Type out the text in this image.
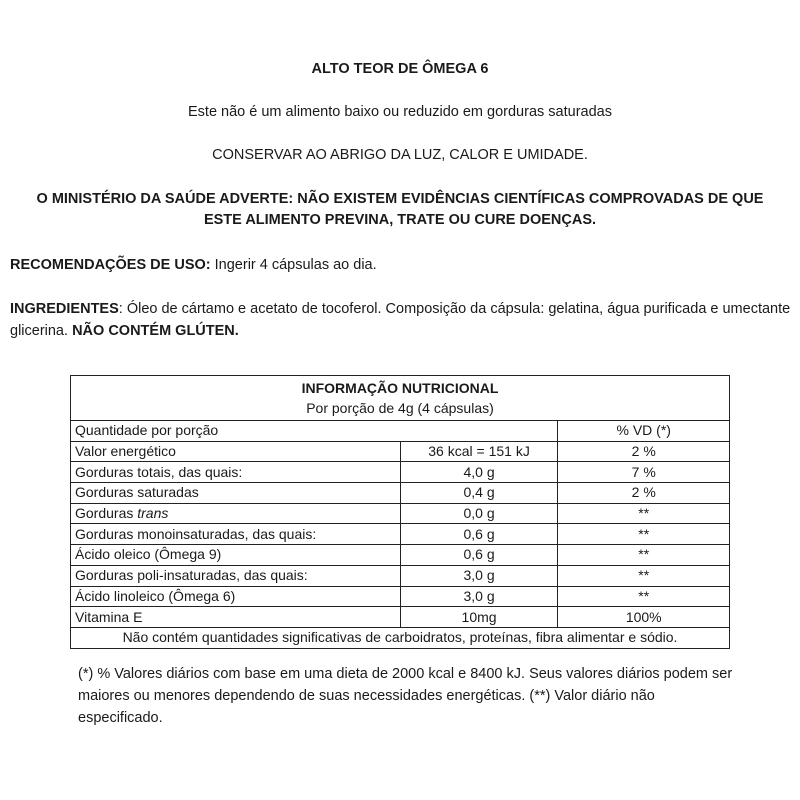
ALTO TEOR DE ÔMEGA 6
Este não é um alimento baixo ou reduzido em gorduras saturadas
CONSERVAR AO ABRIGO DA LUZ, CALOR E UMIDADE.
O MINISTÉRIO DA SAÚDE ADVERTE: NÃO EXISTEM EVIDÊNCIAS CIENTÍFICAS COMPROVADAS DE QUE ESTE ALIMENTO PREVINA, TRATE OU CURE DOENÇAS.
RECOMENDAÇÕES DE USO: Ingerir 4 cápsulas ao dia.
INGREDIENTES: Óleo de cártamo e acetato de tocoferol. Composição da cápsula: gelatina, água purificada e umectante glicerina. NÃO CONTÉM GLÚTEN.
INFORMAÇÃO NUTRICIONAL
Por porção de 4g (4 cápsulas)		

Quantidade por porção		% VD (*)
Valor energético	36 kcal = 151 kJ	2 %
Gorduras totais, das quais:	4,0 g	7 %
Gorduras saturadas	0,4 g	2 %
Gorduras trans	0,0 g	**
Gorduras monoinsaturadas, das quais:	0,6 g	**
Ácido oleico (Ômega 9)	0,6 g	**
Gorduras poli-insaturadas, das quais:	3,0 g	**
Ácido linoleico (Ômega 6)	3,0 g	**
Vitamina E	10mg	100%
Não contém quantidades significativas de carboidratos, proteínas, fibra alimentar e sódio.		
(*) % Valores diários com base em uma dieta de 2000 kcal e 8400 kJ. Seus valores diários podem ser maiores ou menores dependendo de suas necessidades energéticas. (**) Valor diário não especificado.
